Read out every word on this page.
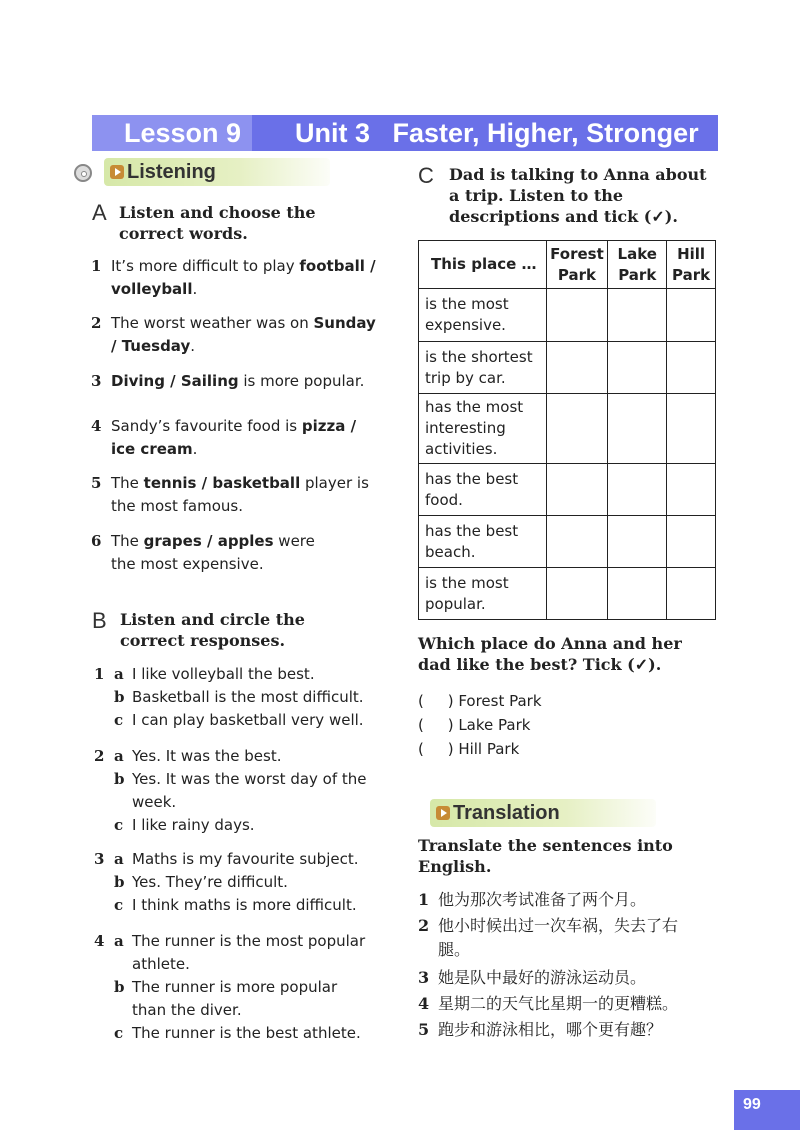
Lesson 9	Unit 3   Faster, Higher, Stronger
Listening
A Listen and choose the correct words.
1 It’s more difficult to play football / volleyball.
2 The worst weather was on Sunday / Tuesday.
3 Diving / Sailing is more popular.
4 Sandy’s favourite food is pizza / ice cream.
5 The tennis / basketball player is the most famous.
6 The grapes / apples were the most expensive.
B Listen and circle the correct responses.
1 a I like volleyball the best.
b Basketball is the most difficult.
c I can play basketball very well.
2 a Yes. It was the best.
b Yes. It was the worst day of the week.
c I like rainy days.
3 a Maths is my favourite subject.
b Yes. They’re difficult.
c I think maths is more difficult.
4 a The runner is the most popular athlete.
b The runner is more popular than the diver.
c The runner is the best athlete.
C Dad is talking to Anna about a trip. Listen to the descriptions and tick (✓).
This place …	Forest Park	Lake Park	Hill Park
is the most expensive.			
is the shortest trip by car.			
has the most interesting activities.			
has the best food.			
has the best beach.			
is the most popular.			
Which place do Anna and her dad like the best? Tick (✓).
(     ) Forest Park
(     ) Lake Park
(     ) Hill Park
Translation
Translate the sentences into English.
1 他为那次考试准备了两个月。
2 他小时候出过一次车祸，失去了右腿。
3 她是队中最好的游泳运动员。
4 星期二的天气比星期一的更糟糕。
5 跑步和游泳相比，哪个更有趣？
99
